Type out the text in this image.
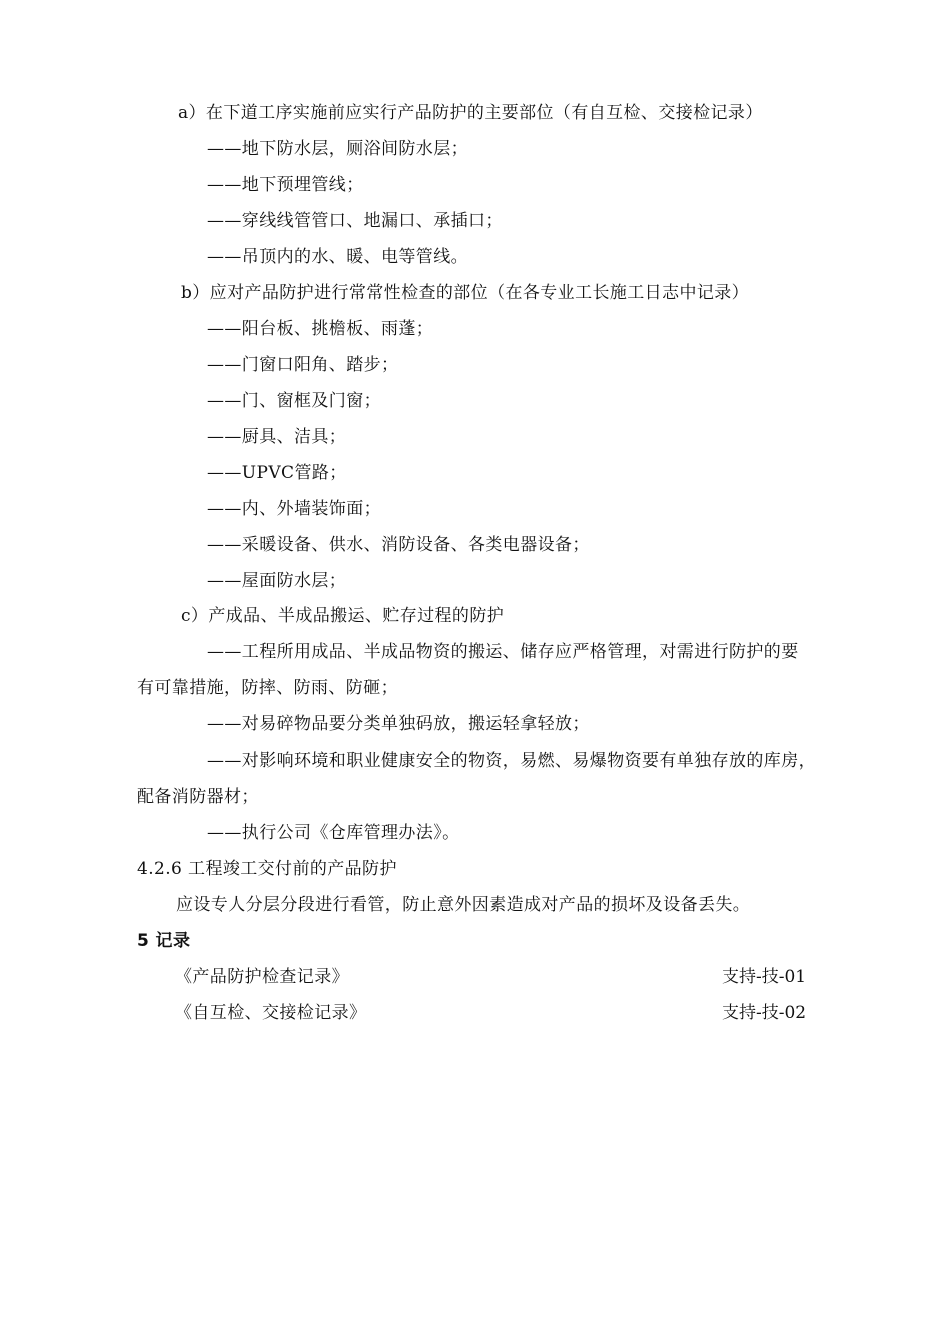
a）在下道工序实施前应实行产品防护的主要部位（有自互检、交接检记录）
——地下防水层，厕浴间防水层；
——地下预埋管线；
——穿线线管管口、地漏口、承插口；
——吊顶内的水、暖、电等管线。
b）应对产品防护进行常常性检查的部位（在各专业工长施工日志中记录）
——阳台板、挑檐板、雨蓬；
——门窗口阳角、踏步；
——门、窗框及门窗；
——厨具、洁具；
——UPVC管路；
——内、外墙装饰面；
——采暖设备、供水、消防设备、各类电器设备；
——屋面防水层；
c）产成品、半成品搬运、贮存过程的防护
——工程所用成品、半成品物资的搬运、储存应严格管理，对需进行防护的要
有可靠措施，防摔、防雨、防砸；
——对易碎物品要分类单独码放，搬运轻拿轻放；
——对影响环境和职业健康安全的物资，易燃、易爆物资要有单独存放的库房，
配备消防器材；
——执行公司《仓库管理办法》。
4.2.6 工程竣工交付前的产品防护
应设专人分层分段进行看管，防止意外因素造成对产品的损坏及设备丢失。
5 记录
《产品防护检查记录》	支持-技-01
《自互检、交接检记录》	支持-技-02
